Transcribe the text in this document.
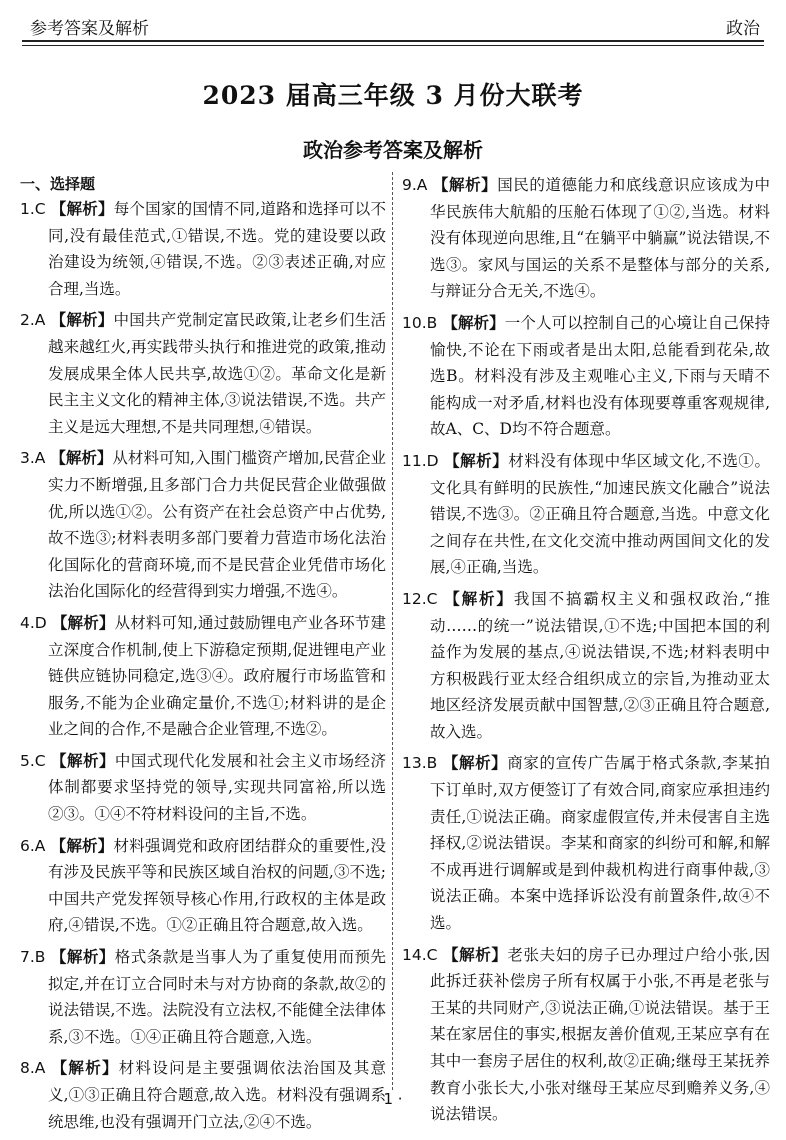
参考答案及解析	政治
2023 届高三年级 3 月份大联考
政治参考答案及解析
一、选择题
1.C 【解析】每个国家的国情不同,道路和选择可以不同,没有最佳范式,①错误,不选。党的建设要以政治建设为统领,④错误,不选。②③表述正确,对应合理,当选。
2.A 【解析】中国共产党制定富民政策,让老乡们生活越来越红火,再实践带头执行和推进党的政策,推动发展成果全体人民共享,故选①②。革命文化是新民主主义文化的精神主体,③说法错误,不选。共产主义是远大理想,不是共同理想,④错误。
3.A 【解析】从材料可知,入围门槛资产增加,民营企业实力不断增强,且多部门合力共促民营企业做强做优,所以选①②。公有资产在社会总资产中占优势,故不选③;材料表明多部门要着力营造市场化法治化国际化的营商环境,而不是民营企业凭借市场化法治化国际化的经营得到实力增强,不选④。
4.D 【解析】从材料可知,通过鼓励锂电产业各环节建立深度合作机制,使上下游稳定预期,促进锂电产业链供应链协同稳定,选③④。政府履行市场监管和服务,不能为企业确定量价,不选①;材料讲的是企业之间的合作,不是融合企业管理,不选②。
5.C 【解析】中国式现代化发展和社会主义市场经济体制都要求坚持党的领导,实现共同富裕,所以选②③。①④不符材料设问的主旨,不选。
6.A 【解析】材料强调党和政府团结群众的重要性,没有涉及民族平等和民族区域自治权的问题,③不选;中国共产党发挥领导核心作用,行政权的主体是政府,④错误,不选。①②正确且符合题意,故入选。
7.B 【解析】格式条款是当事人为了重复使用而预先拟定,并在订立合同时未与对方协商的条款,故②的说法错误,不选。法院没有立法权,不能健全法律体系,③不选。①④正确且符合题意,入选。
8.A 【解析】材料设问是主要强调依法治国及其意义,①③正确且符合题意,故入选。材料没有强调系统思维,也没有强调开门立法,②④不选。
9.A 【解析】国民的道德能力和底线意识应该成为中华民族伟大航船的压舱石体现了①②,当选。材料没有体现逆向思维,且“在躺平中躺赢”说法错误,不选③。家风与国运的关系不是整体与部分的关系,与辩证分合无关,不选④。
10.B 【解析】一个人可以控制自己的心境让自己保持愉快,不论在下雨或者是出太阳,总能看到花朵,故选B。材料没有涉及主观唯心主义,下雨与天晴不能构成一对矛盾,材料也没有体现要尊重客观规律,故A、C、D均不符合题意。
11.D 【解析】材料没有体现中华区域文化,不选①。文化具有鲜明的民族性,“加速民族文化融合”说法错误,不选③。②正确且符合题意,当选。中意文化之间存在共性,在文化交流中推动两国间文化的发展,④正确,当选。
12.C 【解析】我国不搞霸权主义和强权政治,“推动……的统一”说法错误,①不选;中国把本国的利益作为发展的基点,④说法错误,不选;材料表明中方积极践行亚太经合组织成立的宗旨,为推动亚太地区经济发展贡献中国智慧,②③正确且符合题意,故入选。
13.B 【解析】商家的宣传广告属于格式条款,李某拍下订单时,双方便签订了有效合同,商家应承担违约责任,①说法正确。商家虚假宣传,并未侵害自主选择权,②说法错误。李某和商家的纠纷可和解,和解不成再进行调解或是到仲裁机构进行商事仲裁,③说法正确。本案中选择诉讼没有前置条件,故④不选。
14.C 【解析】老张夫妇的房子已办理过户给小张,因此拆迁获补偿房子所有权属于小张,不再是老张与王某的共同财产,③说法正确,①说法错误。基于王某在家居住的事实,根据友善价值观,王某应享有在其中一套房子居住的权利,故②正确;继母王某抚养教育小张长大,小张对继母王某应尽到赡养义务,④说法错误。
1 ·
